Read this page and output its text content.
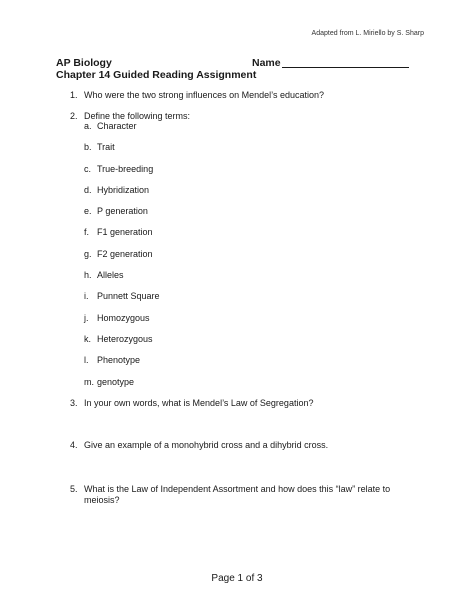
Adapted from L. Miriello by S. Sharp
AP Biology
Chapter 14 Guided Reading Assignment
Name
1. Who were the two strong influences on Mendel’s education?
2. Define the following terms:
a. Character
b. Trait
c. True-breeding
d. Hybridization
e. P generation
f. F1 generation
g. F2 generation
h. Alleles
i. Punnett Square
j. Homozygous
k. Heterozygous
l. Phenotype
m. genotype
3. In your own words, what is Mendel’s Law of Segregation?
4. Give an example of a monohybrid cross and a dihybrid cross.
5. What is the Law of Independent Assortment and how does this “law” relate to
meiosis?
Page 1 of 3
